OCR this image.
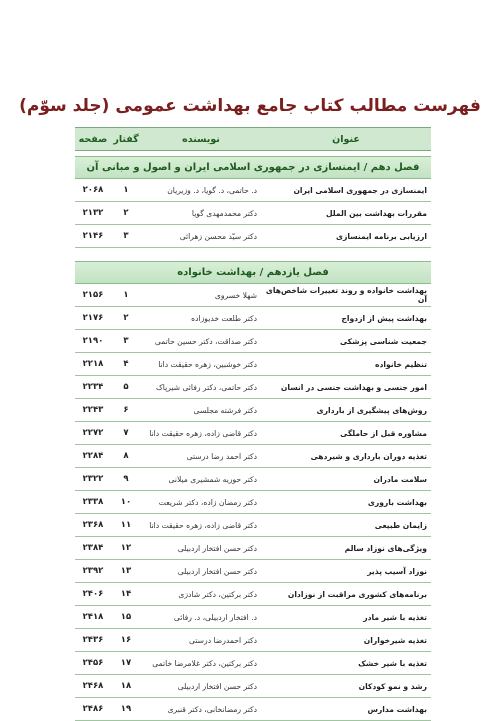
فهرست مطالب کتاب جامع بهداشت عمومی (جلد سوّم)
عنوان
نویسنده
گفتار
صفحه
فصل دهم / ایمنسازی در جمهوری اسلامی ایران و اصول و مبانی آن
ایمنسازی در جمهوری اسلامی ایران
د. حاتمی، د. گویا، د. وزیریان
۱
۲۰۶۸
مقررات بهداشت بین الملل
دکتر محمدمهدی گویا
۲
۲۱۳۲
ارزیابی برنامه ایمنسازی
دکتر سیّد محسن زهرائی
۳
۲۱۴۶
فصل یازدهم / بهداشت خانواده
بهداشت خانواده و روند تغییرات شاخص‌های آن
شهلا خسروی
۱
۲۱۵۶
بهداشت پیش از ازدواج
دکتر طلعت خدیوزاده
۲
۲۱۷۶
جمعیت شناسی پزشکی
دکتر صداقت، دکتر حسین حاتمی
۳
۲۱۹۰
تنظیم خانواده
دکتر خوشبین، زهره حقیقت دانا
۴
۲۲۱۸
امور جنسی و بهداشت جنسی در انسان
دکتر حاتمی، دکتر رفائی شیرپاک
۵
۲۲۳۴
روش‌های پیشگیری از بارداری
دکتر فرشته مجلسی
۶
۲۲۴۳
مشاوره قبل از حاملگی
دکتر قاضی زاده، زهره حقیقت دانا
۷
۲۲۷۲
تغذیه دوران بارداری و شیردهی
دکتر احمد رضا درستی
۸
۲۲۸۴
سلامت مادران
دکتر حوریه شمشیری میلانی
۹
۲۳۲۲
بهداشت باروری
دکتر رمضان زاده، دکتر شریعت
۱۰
۲۳۳۸
زایمان طبیعی
دکتر قاضی زاده، زهره حقیقت دانا
۱۱
۲۳۶۸
ویژگی‌های نوزاد سالم
دکتر حسن افتخار اردبیلی
۱۲
۲۳۸۴
نوزاد آسیب پذیر
دکتر حسن افتخار اردبیلی
۱۳
۲۳۹۲
برنامه‌های کشوری مراقبت از نوزادان
دکتر برکتین، دکتر شادزی
۱۴
۲۴۰۶
تغذیه با شیر مادر
د. افتخار اردبیلی، د. رفائی
۱۵
۲۴۱۸
تغذیه شیرخواران
دکتر احمدرضا درستی
۱۶
۲۴۳۶
تغذیه با شیر خشک
دکتر برکتین، دکتر غلامرضا خاتمی
۱۷
۲۴۵۶
رشد و نمو کودکان
دکتر حسن افتخار اردبیلی
۱۸
۲۴۶۸
بهداشت مدارس
دکتر رمضانخانی، دکتر قنبری
۱۹
۲۴۸۶
